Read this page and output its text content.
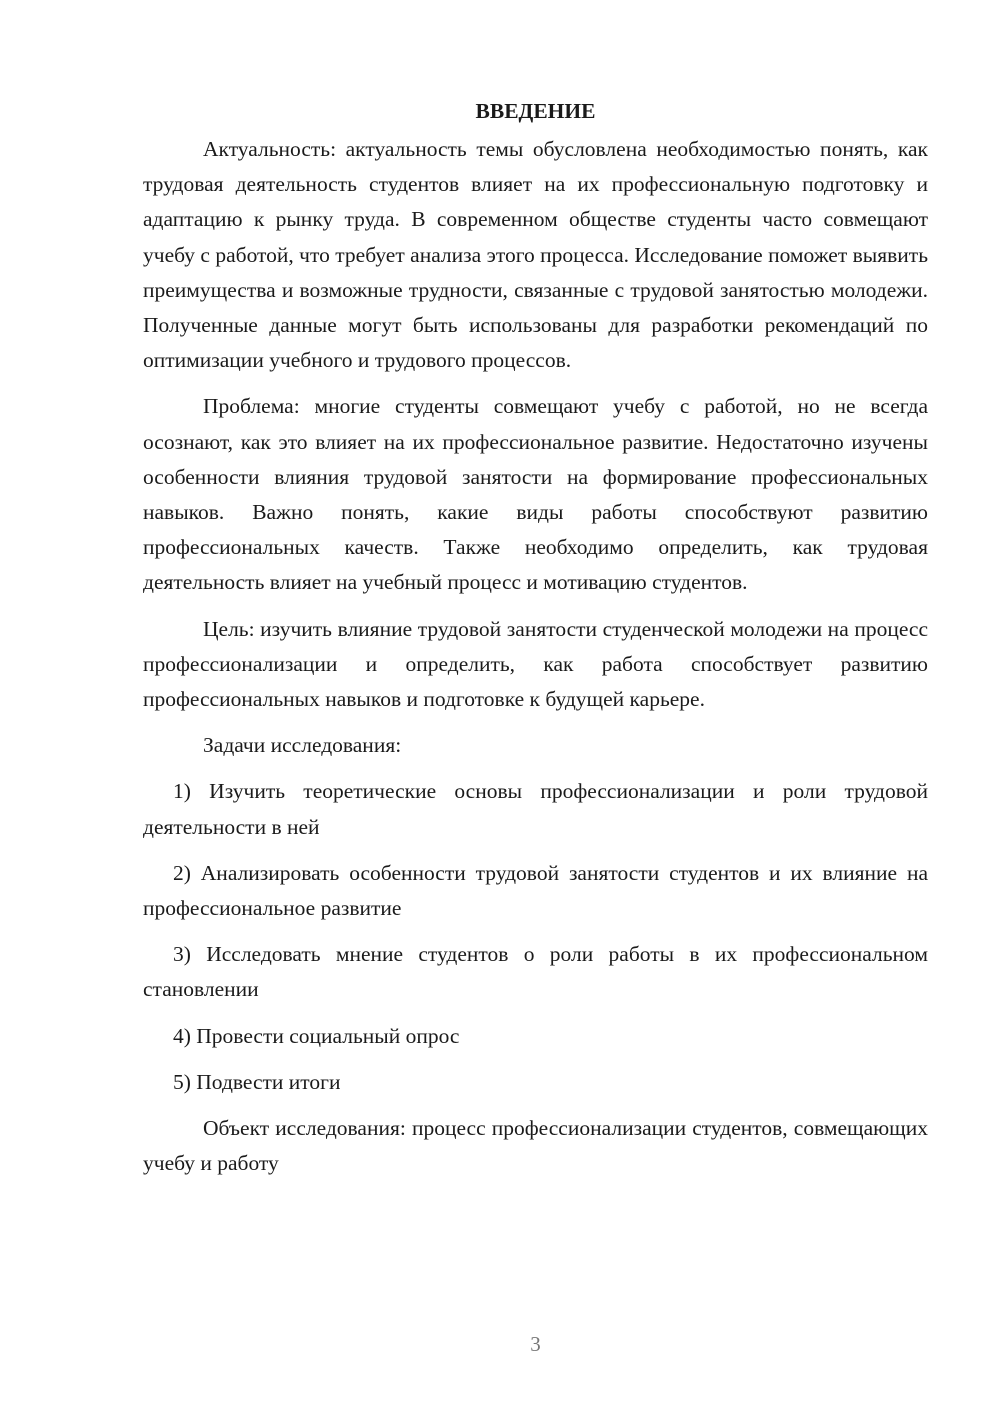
ВВЕДЕНИЕ

Актуальность: актуальность темы обусловлена необходимостью понять, как трудовая деятельность студентов влияет на их профессиональную подготовку и адаптацию к рынку труда. В современном обществе студенты часто совмещают учебу с работой, что требует анализа этого процесса. Исследование поможет выявить преимущества и возможные трудности, связанные с трудовой занятостью молодежи. Полученные данные могут быть использованы для разработки рекомендаций по оптимизации учебного и трудового процессов.

Проблема: многие студенты совмещают учебу с работой, но не всегда осознают, как это влияет на их профессиональное развитие. Недостаточно изучены особенности влияния трудовой занятости на формирование профессиональных навыков. Важно понять, какие виды работы способствуют развитию профессиональных качеств. Также необходимо определить, как трудовая деятельность влияет на учебный процесс и мотивацию студентов.

Цель: изучить влияние трудовой занятости студенческой молодежи на процесс профессионализации и определить, как работа способствует развитию профессиональных навыков и подготовке к будущей карьере.

Задачи исследования:

1) Изучить теоретические основы профессионализации и роли трудовой деятельности в ней

2) Анализировать особенности трудовой занятости студентов и их влияние на профессиональное развитие

3) Исследовать мнение студентов о роли работы в их профессиональном становлении

4) Провести социальный опрос

5) Подвести итоги

Объект исследования: процесс профессионализации студентов, совмещающих учебу и работу

3
